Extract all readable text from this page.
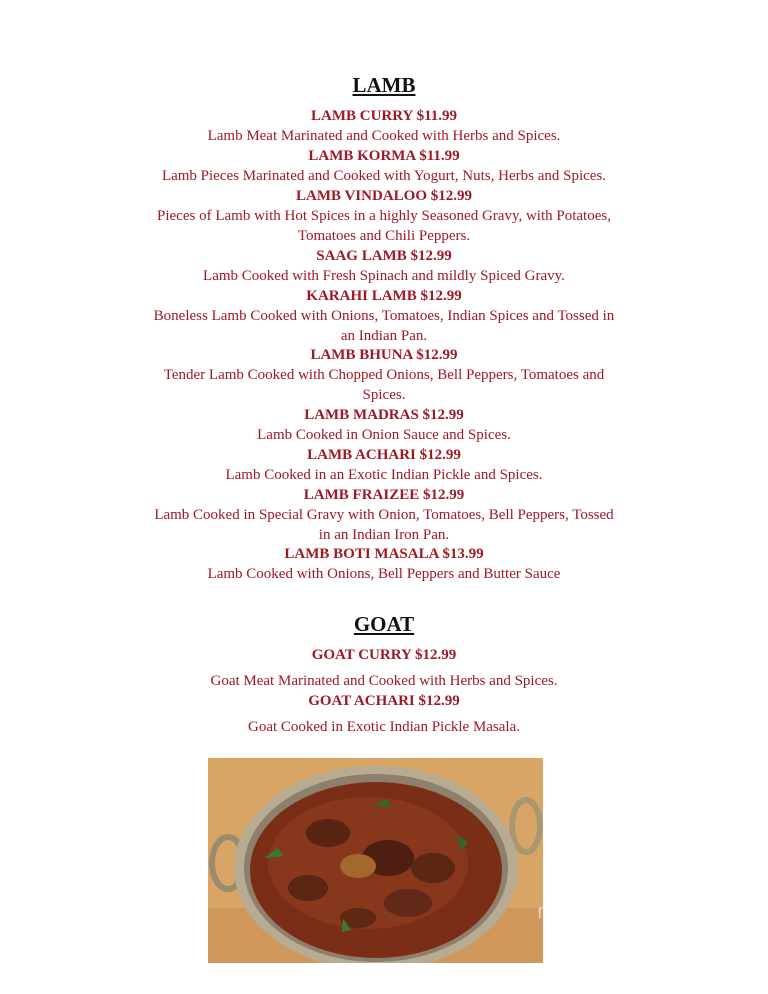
LAMB
LAMB CURRY $11.99
Lamb Meat Marinated and Cooked with Herbs and Spices.
LAMB KORMA $11.99
Lamb Pieces Marinated and Cooked with Yogurt, Nuts, Herbs and Spices.
LAMB VINDALOO $12.99
Pieces of Lamb with Hot Spices in a highly Seasoned Gravy, with Potatoes, Tomatoes and Chili Peppers.
SAAG LAMB $12.99
Lamb Cooked with Fresh Spinach and mildly Spiced Gravy.
KARAHI LAMB $12.99
Boneless Lamb Cooked with Onions, Tomatoes, Indian Spices and Tossed in an Indian Pan.
LAMB BHUNA $12.99
Tender Lamb Cooked with Chopped Onions, Bell Peppers, Tomatoes and Spices.
LAMB MADRAS $12.99
Lamb Cooked in Onion Sauce and Spices.
LAMB ACHARI $12.99
Lamb Cooked in an Exotic Indian Pickle and Spices.
LAMB FRAIZEE $12.99
Lamb Cooked in Special Gravy with Onion, Tomatoes, Bell Peppers, Tossed in an Indian Iron Pan.
LAMB BOTI MASALA $13.99
Lamb Cooked with Onions, Bell Peppers and Butter Sauce
GOAT
GOAT CURRY $12.99
Goat Meat Marinated and Cooked with Herbs and Spices.
GOAT ACHARI $12.99
Goat Cooked in Exotic Indian Pickle Masala.
menupix
